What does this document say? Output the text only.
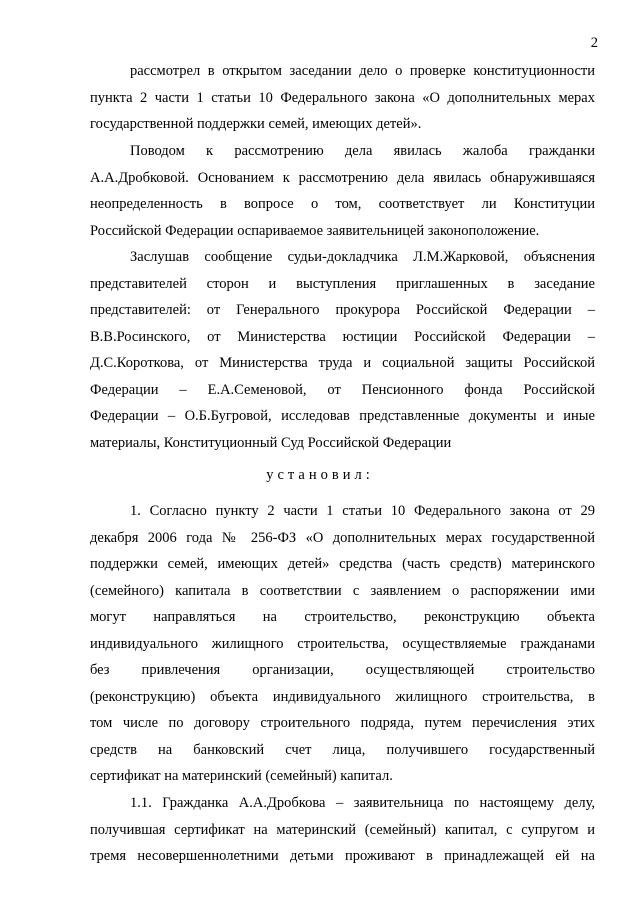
2
рассмотрел в открытом заседании дело о проверке конституционности
пункта 2 части 1 статьи 10 Федерального закона «О дополнительных мерах
государственной поддержки семей, имеющих детей».
Поводом к рассмотрению дела явилась жалоба гражданки
А.А.Дробковой. Основанием к рассмотрению дела явилась обнаружившаяся
неопределенность в вопросе о том, соответствует ли Конституции
Российской Федерации оспариваемое заявительницей законоположение.
Заслушав сообщение судьи-докладчика Л.М.Жарковой, объяснения
представителей сторон и выступления приглашенных в заседание
представителей: от Генерального прокурора Российской Федерации –
В.В.Росинского, от Министерства юстиции Российской Федерации –
Д.С.Короткова, от Министерства труда и социальной защиты Российской
Федерации – Е.А.Семеновой, от Пенсионного фонда Российской
Федерации – О.Б.Бугровой, исследовав представленные документы и иные
материалы, Конституционный Суд Российской Федерации
установил:
1. Согласно пункту 2 части 1 статьи 10 Федерального закона от 29
декабря 2006 года № 256-ФЗ «О дополнительных мерах государственной
поддержки семей, имеющих детей» средства (часть средств) материнского
(семейного) капитала в соответствии с заявлением о распоряжении ими
могут направляться на строительство, реконструкцию объекта
индивидуального жилищного строительства, осуществляемые гражданами
без привлечения организации, осуществляющей строительство
(реконструкцию) объекта индивидуального жилищного строительства, в
том числе по договору строительного подряда, путем перечисления этих
средств на банковский счет лица, получившего государственный
сертификат на материнский (семейный) капитал.
1.1. Гражданка А.А.Дробкова – заявительница по настоящему делу,
получившая сертификат на материнский (семейный) капитал, с супругом и
тремя несовершеннолетними детьми проживают в принадлежащей ей на
